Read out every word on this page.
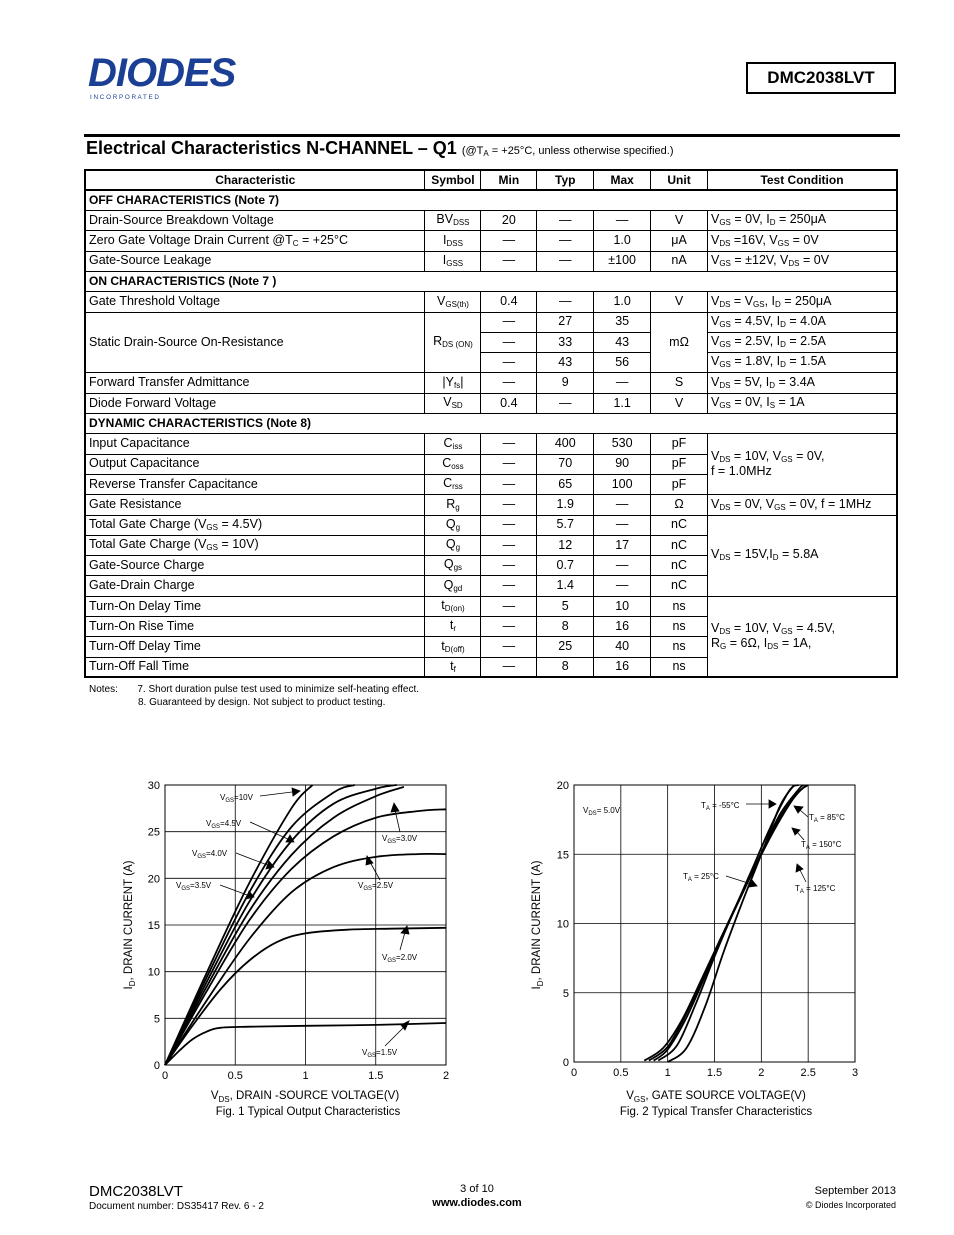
DIODES
I N C O R P O R A T E D
DMC2038LVT
Electrical Characteristics N-CHANNEL – Q1 ($@T_A = +25^\circ C$, unless otherwise specified.)
Characteristic	Symbol	Min	Typ	Max	Unit	Test Condition
OFF CHARACTERISTICS (Note 7)						
Drain-Source Breakdown Voltage	$BV_{DSS}$	20	—	—	V	$V_{GS} = 0V$, $I_D = 250\mu A$
Zero Gate Voltage Drain Current $@T_C = +25^\circ C$	$I_{DSS}$	—	—	1.0	μA	$V_{DS} =16V$, $V_{GS} = 0V$
Gate-Source Leakage	$I_{GSS}$	—	—	±100	nA	$V_{GS} = \pm 12V$, $V_{DS} = 0V$
ON CHARACTERISTICS (Note 7 )						
Gate Threshold Voltage	$V_{GS(th)}$	0.4	—	1.0	V	$V_{DS} = V_{GS}$, $I_D = 250\mu A$
Static Drain-Source On-Resistance	$R_{DS (ON)}$	—	27	35	mΩ	$V_{GS} = 4.5V$, $I_D = 4.0A$
		—	33	43		$V_{GS} = 2.5V$, $I_D = 2.5A$
		—	43	56		$V_{GS} = 1.8V$, $I_D = 1.5A$
Forward Transfer Admittance	$|Y_{fs}|$	—	9	—	S	$V_{DS} = 5V$, $I_D = 3.4A$
Diode Forward Voltage	$V_{SD}$	0.4	—	1.1	V	$V_{GS} = 0V$, $I_S = 1A$
DYNAMIC CHARACTERISTICS (Note 8)						
Input Capacitance	$C_{iss}$	—	400	530	pF	$V_{DS} = 10V$, $V_{GS} = 0V$,
f = 1.0MHz
Output Capacitance	$C_{oss}$	—	70	90	pF	
Reverse Transfer Capacitance	$C_{rss}$	—	65	100	pF	
Gate Resistance	$R_g$	—	1.9	—	Ω	$V_{DS} = 0V$, $V_{GS} = 0V$, f = 1MHz
Total Gate Charge $(V_{GS} = 4.5V)$	$Q_g$	—	5.7	—	nC	$V_{DS} = 15V,I_D = 5.8A$
Total Gate Charge $(V_{GS} = 10V)$	$Q_g$	—	12	17	nC	
Gate-Source Charge	$Q_{gs}$	—	0.7	—	nC	
Gate-Drain Charge	$Q_{gd}$	—	1.4	—	nC	
Turn-On Delay Time	$t_{D(on)}$	—	5	10	ns	$V_{DS} = 10V$, $V_{GS} = 4.5V$,
$R_G = 6\Omega$, $I_{DS} = 1A$,
Turn-On Rise Time	$t_r$	—	8	16	ns	
Turn-Off Delay Time	$t_{D(off)}$	—	25	40	ns	
Turn-Off Fall Time	$t_f$	—	8	16	ns	
Notes: 7. Short duration pulse test used to minimize self-heating effect.
8. Guaranteed by design. Not subject to product testing.
0	0.5	1	1.5	2
0
5
10
15
20
25
30
$V_{GS}=10V$
$V_{GS}=4.5V$
$V_{GS}=4.0V$
$V_{GS}=3.5V$
$V_{GS}=3.0V$
$V_{GS}=2.5V$
$V_{GS}=2.0V$
$V_{GS}=1.5V$
$V_{DS}$, DRAIN -SOURCE VOLTAGE(V)
Fig. 1 Typical Output Characteristics
$I_D$, DRAIN CURRENT (A)
0	0.5	1	1.5	2	2.5	3
0
5
10
15
20
$V_{DS}= 5.0V$
$T_A = -55^\circ C$
$T_A = 85^\circ C$
$T_A = 150^\circ C$
$T_A = 25^\circ C$
$T_A = 125^\circ C$
$V_{GS}$, GATE SOURCE VOLTAGE(V)
Fig. 2 Typical Transfer Characteristics
$I_D$, DRAIN CURRENT (A)
DMC2038LVT
Document number: DS35417 Rev. 6 - 2
3 of 10
www.diodes.com
September 2013
© Diodes Incorporated
